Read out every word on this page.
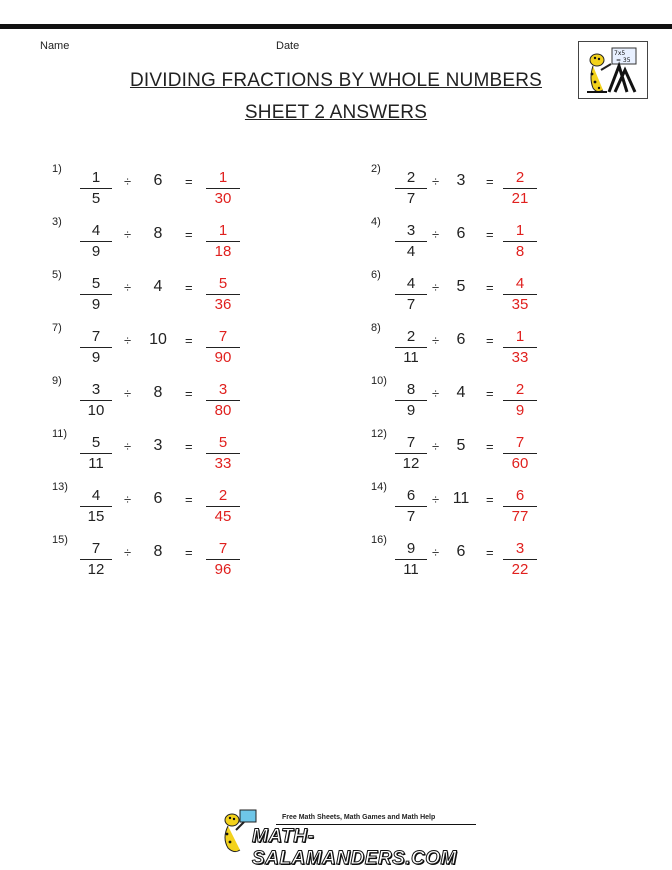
Name	Date
DIVIDING FRACTIONS BY WHOLE NUMBERS
SHEET 2 ANSWERS
7x5
= 35
1)	1
5
÷	6	=	1
30
2)	2
7
÷	3	=	2
21
3)	4
9
÷	8	=	1
18
4)	3
4
÷	6	=	1
8
5)	5
9
÷	4	=	5
36
6)	4
7
÷	5	=	4
35
7)	7
9
÷ 10 =	7
90
8)	2
11
÷	6	=	1
33
9)	3
10
÷	8	=	3
80
10)	8
9
÷	4	=	2
9
11)	5
11
÷	3	=	5
33
12)	7
12
÷	5	=	7
60
13)	4
15
÷	6	=	2
45
14)	6
7
÷ 11 =	6
77
15)	7
12
÷	8	=	7
96
16)	9
11
÷	6	=	3
22
Free Math Sheets, Math Games and Math Help
MATH-SALAMANDERS.COM
